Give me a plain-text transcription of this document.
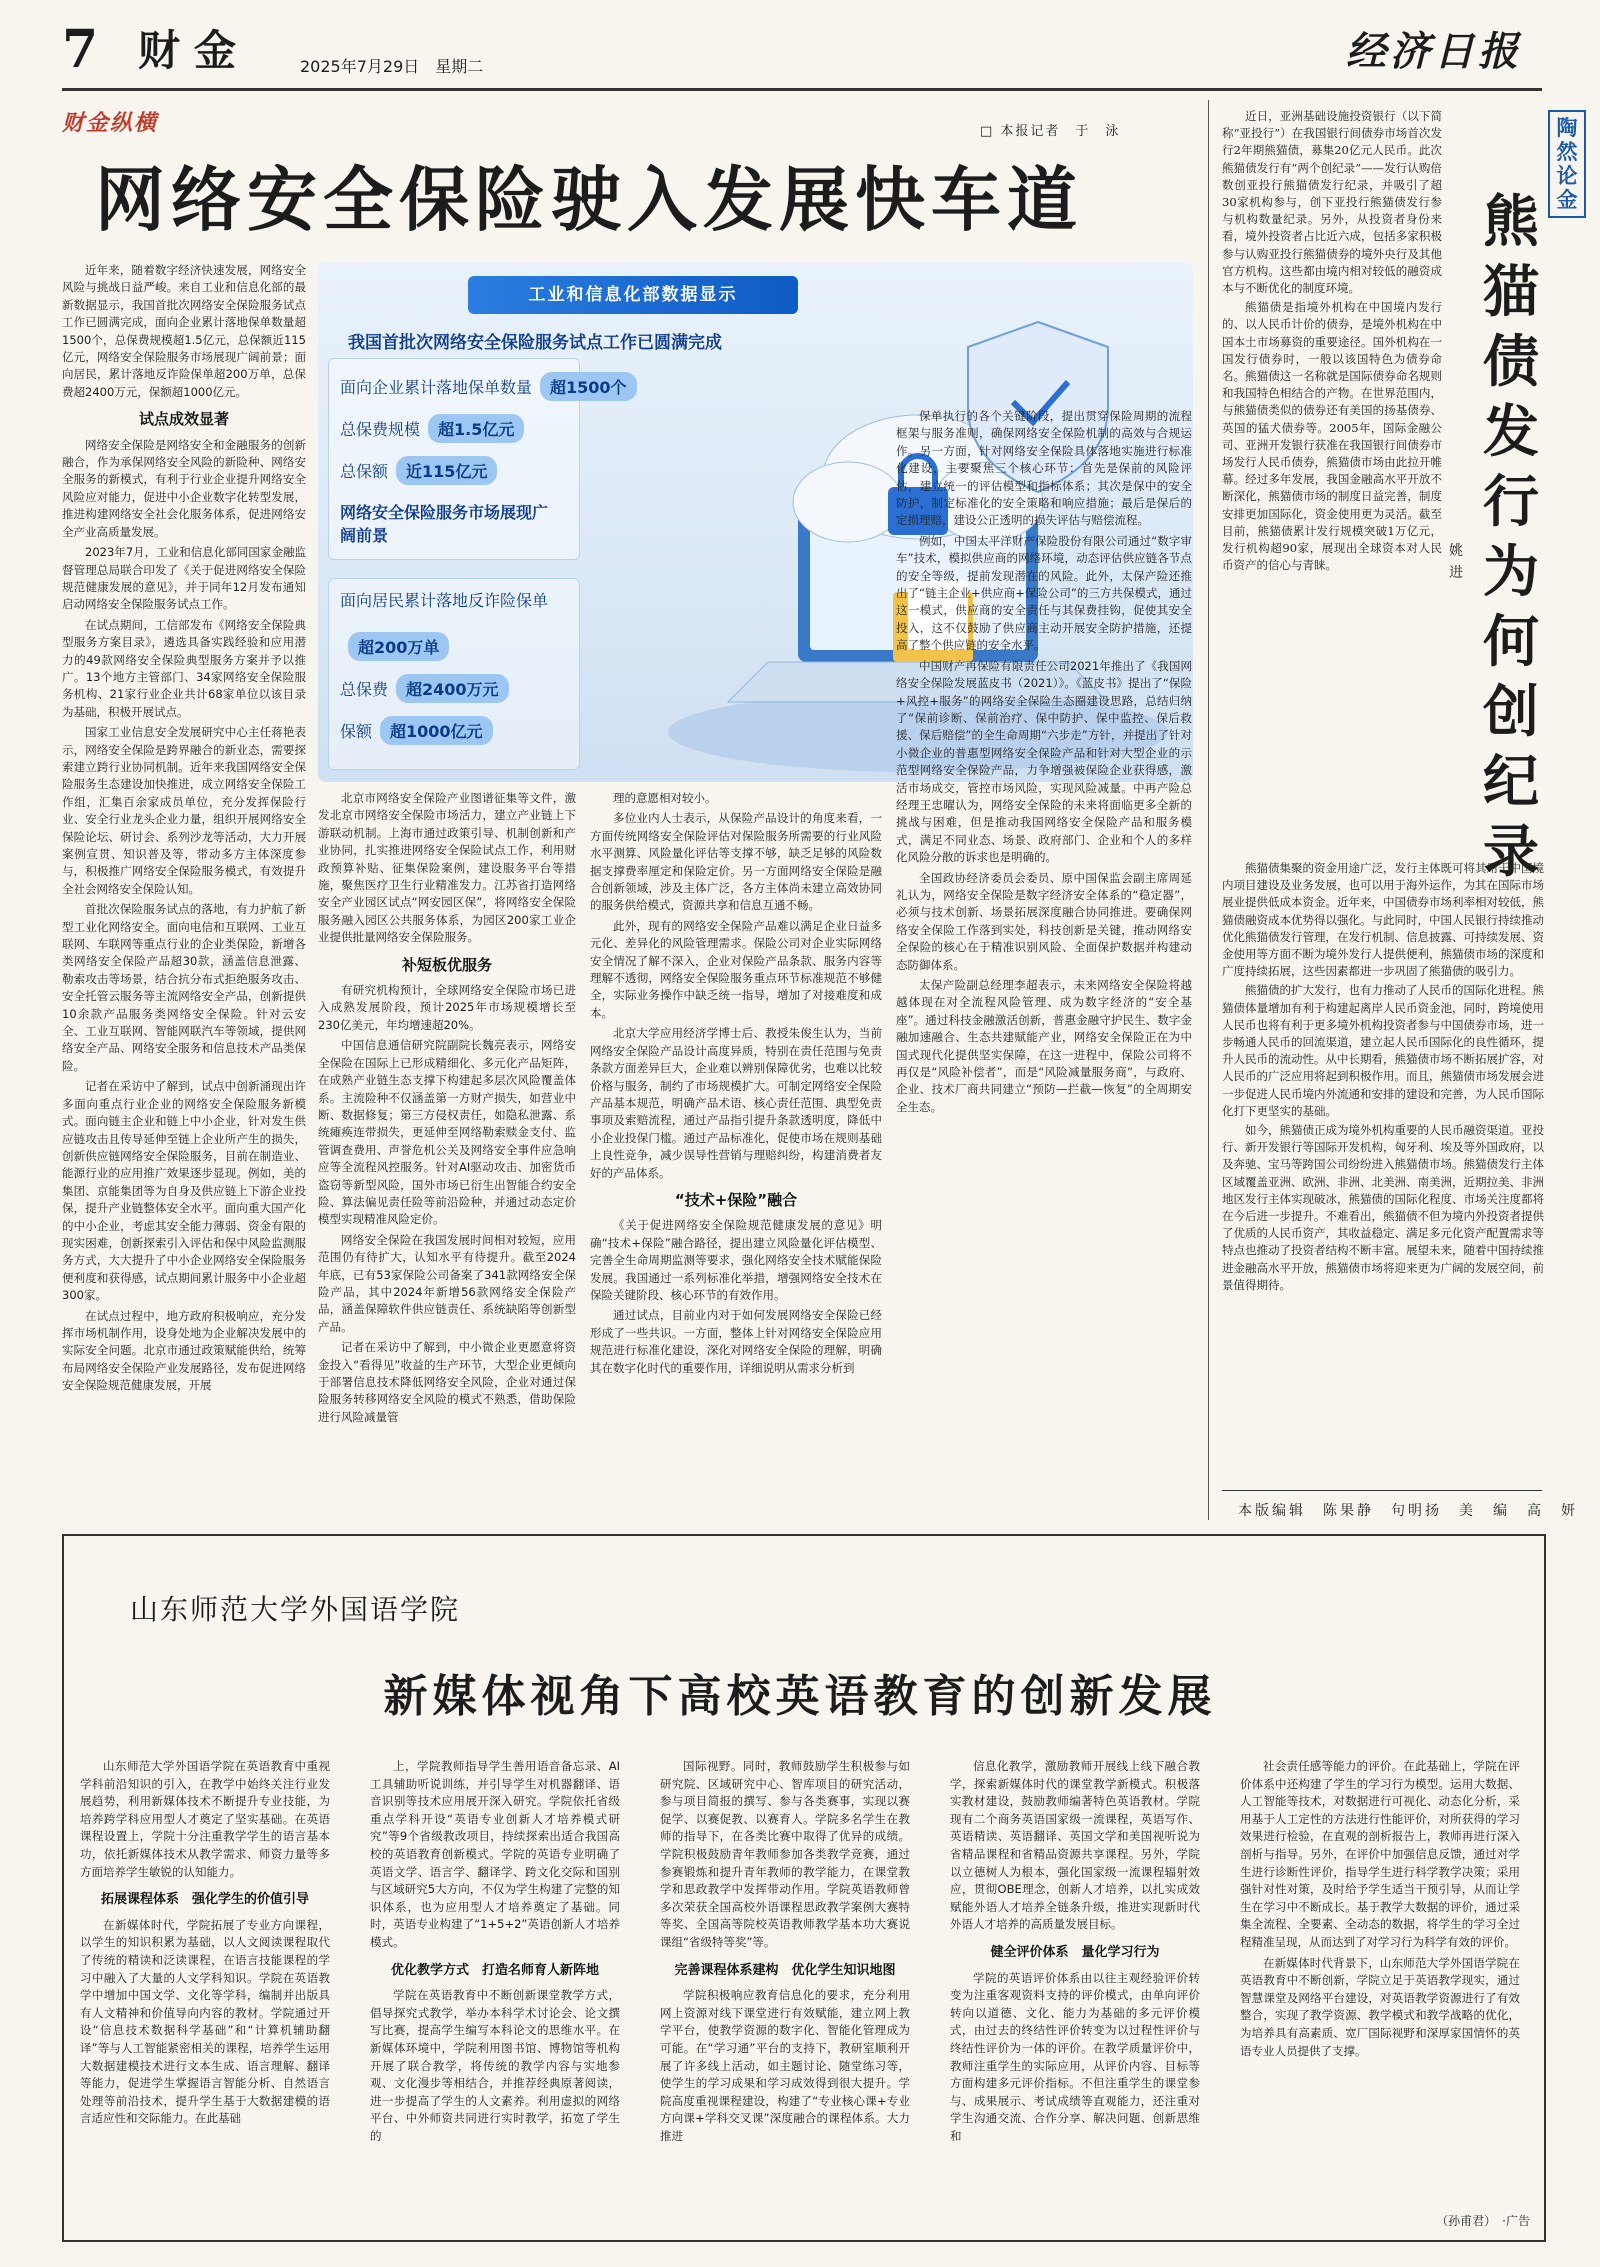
7 财金	2025年7月29日　星期二	经济日报
财金纵横	□ 本报记者　于　泳
网络安全保险驶入发展快车道
工业和信息化部数据显示
我国首批次网络安全保险服务试点工作已圆满完成
面向企业累计落地保单数量 超1500个
总保费规模 超1.5亿元
总保额 近115亿元
网络安全保险服务市场展现广阔前景
面向居民累计落地反诈险保单
超200万单
总保费 超2400万元
保额 超1000亿元

近年来，随着数字经济快速发展，网络安全风险与挑战日益严峻。来自工业和信息化部的最新数据显示，我国首批次网络安全保险服务试点工作已圆满完成，面向企业累计落地保单数量超1500个，总保费规模超1.5亿元，总保额近115亿元，网络安全保险服务市场展现广阔前景；面向居民，累计落地反诈险保单超200万单，总保费超2400万元，保额超1000亿元。

试点成效显著

网络安全保险是网络安全和金融服务的创新融合，作为承保网络安全风险的新险种、网络安全服务的新模式，有利于行业企业提升网络安全风险应对能力，促进中小企业数字化转型发展，推进构建网络安全社会化服务体系，促进网络安全产业高质量发展。

2023年7月，工业和信息化部同国家金融监督管理总局联合印发了《关于促进网络安全保险规范健康发展的意见》，并于同年12月发布通知启动网络安全保险服务试点工作。

在试点期间，工信部发布《网络安全保险典型服务方案目录》，遴选具备实践经验和应用潜力的49款网络安全保险典型服务方案并予以推广。13个地方主管部门、34家网络安全保险服务机构、21家行业企业共计68家单位以该目录为基础，积极开展试点。

国家工业信息安全发展研究中心主任蒋艳表示，网络安全保险是跨界融合的新业态，需要探索建立跨行业协同机制。近年来我国网络安全保险服务生态建设加快推进，成立网络安全保险工作组，汇集百余家成员单位，充分发挥保险行业、安全行业龙头企业力量，组织开展网络安全保险论坛、研讨会、系列沙龙等活动，大力开展案例宣贯、知识普及等，带动多方主体深度参与，积极推广网络安全保险服务模式，有效提升全社会网络安全保险认知。

首批次保险服务试点的落地，有力护航了新型工业化网络安全。面向电信和互联网、工业互联网、车联网等重点行业的企业类保险，新增各类网络安全保险产品超30款，涵盖信息泄露、勒索攻击等场景，结合抗分布式拒绝服务攻击、安全托管云服务等主流网络安全产品，创新提供10余款产品服务类网络安全保险。针对云安全、工业互联网、智能网联汽车等领域，提供网络安全产品、网络安全服务和信息技术产品类保险。

记者在采访中了解到，试点中创新涌现出许多面向重点行业企业的网络安全保险服务新模式。面向链主企业和链上中小企业，针对发生供应链攻击且传导延伸至链上企业所产生的损失，创新供应链网络安全保险服务，目前在制造业、能源行业的应用推广效果逐步显现。例如，美的集团、京能集团等为自身及供应链上下游企业投保，提升产业链整体安全水平。面向重大国产化的中小企业，考虑其安全能力薄弱、资金有限的现实困难，创新探索引入评估和保中风险监测服务方式，大大提升了中小企业网络安全保险服务便利度和获得感，试点期间累计服务中小企业超300家。

在试点过程中，地方政府积极响应，充分发挥市场机制作用，设身处地为企业解决发展中的实际安全问题。北京市通过政策赋能供给，统筹布局网络安全保险产业发展路径，发布促进网络安全保险规范健康发展，开展

北京市网络安全保险产业图谱征集等文件，激发北京市网络安全保险市场活力，建立产业链上下游联动机制。上海市通过政策引导、机制创新和产业协同，扎实推进网络安全保险试点工作，利用财政预算补贴、征集保险案例，建设服务平台等措施，聚焦医疗卫生行业精准发力。江苏省打造网络安全产业园区试点“网安园区保”，将网络安全保险服务融入园区公共服务体系，为园区200家工业企业提供批量网络安全保险服务。

补短板优服务

有研究机构预计，全球网络安全保险市场已进入成熟发展阶段，预计2025年市场规模增长至230亿美元，年均增速超20%。

中国信息通信研究院副院长魏亮表示，网络安全保险在国际上已形成精细化、多元化产品矩阵，在成熟产业链生态支撑下构建起多层次风险覆盖体系。主流险种不仅涵盖第一方财产损失，如营业中断、数据修复；第三方侵权责任，如隐私泄露、系统瘫痪连带损失，更延伸至网络勒索赎金支付、监管调查费用、声誉危机公关及网络安全事件应急响应等全流程风控服务。针对AI驱动攻击、加密货币盗窃等新型风险，国外市场已衍生出智能合约安全险、算法偏见责任险等前沿险种，并通过动态定价模型实现精准风险定价。

网络安全保险在我国发展时间相对较短，应用范围仍有待扩大，认知水平有待提升。截至2024年底，已有53家保险公司备案了341款网络安全保险产品，其中2024年新增56款网络安全保险产品，涵盖保障软件供应链责任、系统缺陷等创新型产品。

记者在采访中了解到，中小微企业更愿意将资金投入“看得见”收益的生产环节，大型企业更倾向于部署信息技术降低网络安全风险，企业对通过保险服务转移网络安全风险的模式不熟悉，借助保险进行风险减量管

理的意愿相对较小。

多位业内人士表示，从保险产品设计的角度来看，一方面传统网络安全保险评估对保险服务所需要的行业风险水平测算、风险量化评估等支撑不够，缺乏足够的风险数据支撑费率厘定和保险定价。另一方面网络安全保险是融合创新领域，涉及主体广泛，各方主体尚未建立高效协同的服务供给模式，资源共享和信息互通不畅。

此外，现有的网络安全保险产品难以满足企业日益多元化、差异化的风险管理需求。保险公司对企业实际网络安全情况了解不深入，企业对保险产品条款、服务内容等理解不透彻，网络安全保险服务重点环节标准规范不够健全，实际业务操作中缺乏统一指导，增加了对接难度和成本。

北京大学应用经济学博士后、教授朱俊生认为，当前网络安全保险产品设计高度异质，特别在责任范围与免责条款方面差异巨大，企业难以辨别保障优劣，也难以比较价格与服务，制约了市场规模扩大。可制定网络安全保险产品基本规范，明确产品术语、核心责任范围、典型免责事项及索赔流程，通过产品指引提升条款透明度，降低中小企业投保门槛。通过产品标准化，促使市场在规则基础上良性竞争，减少误导性营销与理赔纠纷，构建消费者友好的产品体系。

“技术+保险”融合

《关于促进网络安全保险规范健康发展的意见》明确“技术+保险”融合路径，提出建立风险量化评估模型、完善全生命周期监测等要求，强化网络安全技术赋能保险发展。我国通过一系列标准化举措，增强网络安全技术在保险关键阶段、核心环节的有效作用。

通过试点，目前业内对于如何发展网络安全保险已经形成了一些共识。一方面，整体上针对网络安全保险应用规范进行标准化建设，深化对网络安全保险的理解，明确其在数字化时代的重要作用，详细说明从需求分析到

保单执行的各个关键阶段，提出贯穿保险周期的流程框架与服务准则，确保网络安全保险机制的高效与合规运作。另一方面，针对网络安全保险具体落地实施进行标准化建设，主要聚焦三个核心环节：首先是保前的风险评估，建立统一的评估模型和指标体系；其次是保中的安全防护，制定标准化的安全策略和响应措施；最后是保后的定损理赔，建设公正透明的损失评估与赔偿流程。

例如，中国太平洋财产保险股份有限公司通过“数字审车”技术，模拟供应商的网络环境，动态评估供应链各节点的安全等级，提前发现潜在的风险。此外，太保产险还推出了“链主企业+供应商+保险公司”的三方共保模式，通过这一模式，供应商的安全责任与其保费挂钩，促使其安全投入，这不仅鼓励了供应商主动开展安全防护措施，还提高了整个供应链的安全水平。

中国财产再保险有限责任公司2021年推出了《我国网络安全保险发展蓝皮书（2021）》。《蓝皮书》提出了“保险+风控+服务”的网络安全保险生态圈建设思路，总结归纳了“保前诊断、保前治疗、保中防护、保中监控、保后救援、保后赔偿”的全生命周期“六步走”方针，并提出了针对小微企业的普惠型网络安全保险产品和针对大型企业的示范型网络安全保险产品，力争增强被保险企业获得感，激活市场成交，管控市场风险，实现风险减量。中再产险总经理王忠曜认为，网络安全保险的未来将面临更多全新的挑战与困难，但是推动我国网络安全保险产品和服务模式，满足不同业态、场景、政府部门、企业和个人的多样化风险分散的诉求也是明确的。

全国政协经济委员会委员、原中国保监会副主席周延礼认为，网络安全保险是数字经济安全体系的“稳定器”，必须与技术创新、场景拓展深度融合协同推进。要确保网络安全保险工作落到实处，科技创新是关键，推动网络安全保险的核心在于精准识别风险、全面保护数据并构建动态防御体系。

太保产险副总经理李超表示，未来网络安全保险将越越体现在对全流程风险管理、成为数字经济的“安全基座”。通过科技金融激活创新，普惠金融守护民生、数字金融加速融合、生态共建赋能产业，网络安全保险正在为中国式现代化提供坚实保障，在这一进程中，保险公司将不再仅是“风险补偿者”，而是“风险减量服务商”，与政府、企业、技术厂商共同建立“预防—拦截—恢复”的全周期安全生态。

陶然论金
熊猫债发行为何创纪录
姚　进

近日，亚洲基础设施投资银行（以下简称“亚投行”）在我国银行间债券市场首次发行2年期熊猫债，募集20亿元人民币。此次熊猫债发行有“两个创纪录”——发行认购倍数创亚投行熊猫债发行纪录，并吸引了超30家机构参与，创下亚投行熊猫债发行参与机构数量纪录。另外，从投资者身份来看，境外投资者占比近六成，包括多家积极参与认购亚投行熊猫债券的境外央行及其他官方机构。这些都由境内相对较低的融资成本与不断优化的制度环境。

熊猫债是指境外机构在中国境内发行的、以人民币计价的债券，是境外机构在中国本土市场募资的重要途径。国外机构在一国发行债券时，一般以该国特色为债券命名。熊猫债这一名称就是国际债券命名规则和我国特色相结合的产物。在世界范围内，与熊猫债类似的债券还有美国的扬基债券、英国的猛犬债券等。2005年，国际金融公司、亚洲开发银行获准在我国银行间债券市场发行人民币债券，熊猫债市场由此拉开帷幕。经过多年发展，我国金融高水平开放不断深化，熊猫债市场的制度日益完善，制度安排更加国际化，资金使用更为灵活。截至目前，熊猫债累计发行规模突破1万亿元，发行机构超90家，展现出全球资本对人民币资产的信心与青睐。

熊猫债集聚的资金用途广泛，发行主体既可将其用于中国境内项目建设及业务发展，也可以用于海外运作，为其在国际市场展业提供低成本资金。近年来，中国债券市场利率相对较低，熊猫债融资成本优势得以强化。与此同时，中国人民银行持续推动优化熊猫债发行管理，在发行机制、信息披露、可持续发展、资金使用等方面不断为境外发行人提供便利，熊猫债市场的深度和广度持续拓展，这些因素都进一步巩固了熊猫债的吸引力。

熊猫债的扩大发行，也有力推动了人民币的国际化进程。熊猫债体量增加有利于构建起离岸人民币资金池，同时，跨境使用人民币也将有利于更多境外机构投资者参与中国债券市场，进一步畅通人民币的回流渠道，建立起人民币国际化的良性循环，提升人民币的流动性。从中长期看，熊猫债市场不断拓展扩容，对人民币的广泛应用将起到积极作用。而且，熊猫债市场发展会进一步促进人民币境内外流通和安排的建设和完善，为人民币国际化打下更坚实的基础。

如今，熊猫债正成为境外机构重要的人民币融资渠道。亚投行、新开发银行等国际开发机构，匈牙利、埃及等外国政府，以及奔驰、宝马等跨国公司纷纷进入熊猫债市场。熊猫债发行主体区域覆盖亚洲、欧洲、非洲、北美洲、南美洲，近期拉美、非洲地区发行主体实现破冰，熊猫债的国际化程度、市场关注度都将在今后进一步提升。不难看出，熊猫债不但为境内外投资者提供了优质的人民币资产，其收益稳定、满足多元化资产配置需求等特点也推动了投资者结构不断丰富。展望未来，随着中国持续推进金融高水平开放，熊猫债市场将迎来更为广阔的发展空间，前景值得期待。

本版编辑　陈果静　句明扬　美　编　高　妍
山东师范大学外国语学院
新媒体视角下高校英语教育的创新发展

山东师范大学外国语学院在英语教育中重视学科前沿知识的引入，在教学中始终关注行业发展趋势，利用新媒体技术不断提升专业技能，为培养跨学科应用型人才奠定了坚实基础。在英语课程设置上，学院十分注重教学学生的语言基本功，依托新媒体技术从教学需求、师资力量等多方面培养学生敏锐的认知能力。

拓展课程体系　强化学生的价值引导

在新媒体时代，学院拓展了专业方向课程，以学生的知识积累为基础，以人文阅读课程取代了传统的精读和泛读课程，在语言技能课程的学习中融入了大量的人文学科知识。学院在英语教学中增加中国文学、文化等学科，编制并出版具有人文精神和价值导向内容的教材。学院通过开设“信息技术数据科学基础”和“计算机辅助翻译”等与人工智能紧密相关的课程，培养学生运用大数据建模技术进行文本生成、语言理解、翻译等能力，促进学生掌握语言智能分析、自然语言处理等前沿技术，提升学生基于大数据建模的语言适应性和交际能力。在此基础

上，学院教师指导学生善用语音备忘录、AI工具辅助听说训练，并引导学生对机器翻译、语音识别等技术应用展开深入研究。学院依托省级重点学科开设“英语专业创新人才培养模式研究”等9个省级教改项目，持续探索出适合我国高校的英语教育创新模式。学院的英语专业明确了英语文学、语言学、翻译学、跨文化交际和国别与区域研究5大方向，不仅为学生构建了完整的知识体系，也为应用型人才培养奠定了基础。同时，英语专业构建了“1+5+2”英语创新人才培养模式。

优化教学方式　打造名师育人新阵地

学院在英语教育中不断创新课堂教学方式，倡导探究式教学，举办本科学术讨论会、论文撰写比赛，提高学生编写本科论文的思维水平。在新媒体环境中，学院利用图书馆、博物馆等机构开展了联合教学，将传统的教学内容与实地参观、文化漫步等相结合，并推荐经典原著阅读，进一步提高了学生的人文素养。利用虚拟的网络平台、中外师资共同进行实时教学，拓宽了学生的

国际视野。同时，教师鼓励学生积极参与如研究院、区域研究中心、智库项目的研究活动，参与项目简报的撰写、参与各类赛事，实现以赛促学、以赛促教、以赛育人。学院多名学生在教师的指导下，在各类比赛中取得了优异的成绩。学院积极鼓励青年教师参加各类教学竞赛，通过参赛锻炼和提升青年教师的教学能力，在课堂教学和思政教学中发挥带动作用。学院英语教师曾多次荣获全国高校外语课程思政教学案例大赛特等奖、全国高等院校英语教师教学基本功大赛说课组“省级特等奖”等。

完善课程体系建构　优化学生知识地图

学院积极响应教育信息化的要求，充分利用网上资源对线下课堂进行有效赋能，建立网上教学平台，使教学资源的数字化、智能化管理成为可能。在“学习通”平台的支持下，教研室顺利开展了许多线上活动，如主题讨论、随堂练习等，使学生的学习成果和学习成效得到很大提升。学院高度重视课程建设，构建了“专业核心课+专业方向课+学科交叉课”深度融合的课程体系。大力推进

信息化教学，激励教师开展线上线下融合教学，探索新媒体时代的课堂教学新模式。积极落实教材建设，鼓励教师编著特色英语教材。学院现有二个商务英语国家级一流课程，英语写作、英语精读、英语翻译、英国文学和美国视听说为省精品课程和省精品资源共享课程。另外，学院以立德树人为根本，强化国家级一流课程辐射效应，贯彻OBE理念，创新人才培养，以扎实成效赋能外语人才培养全链条升级，推进实现新时代外语人才培养的高质量发展目标。

健全评价体系　量化学习行为

学院的英语评价体系由以往主观经验评价转变为注重客观资料支持的评价模式，由单向评价转向以道德、文化、能力为基础的多元评价模式，由过去的终结性评价转变为以过程性评价与终结性评价为一体的评价。在教学质量评价中，教师注重学生的实际应用，从评价内容、目标等方面构建多元评价指标。不但注重学生的课堂参与、成果展示、考试成绩等直观能力，还注重对学生沟通交流、合作分享、解决问题、创新思维和

社会责任感等能力的评价。在此基础上，学院在评价体系中还构建了学生的学习行为模型。运用大数据、人工智能等技术，对数据进行可视化、动态化分析，采用基于人工定性的方法进行性能评价，对所获得的学习效果进行检验，在直观的剖析报告上，教师再进行深入剖析与指导。另外，在评价中加强信息反馈，通过对学生进行诊断性评价，指导学生进行科学教学决策；采用强针对性对策，及时给予学生适当干预引导，从而让学生在学习中不断成长。基于教学大数据的评价，通过采集全流程、全要素、全动态的数据，将学生的学习全过程精准呈现，从而达到了对学习行为科学有效的评价。

在新媒体时代背景下，山东师范大学外国语学院在英语教育中不断创新，学院立足于英语教学现实，通过智慧课堂及网络平台建设，对英语教学资源进行了有效整合，实现了教学资源、教学模式和教学战略的优化，为培养具有高素质、宽厂国际视野和深厚家国情怀的英语专业人员提供了支撑。

（孙甫君）　·广告
